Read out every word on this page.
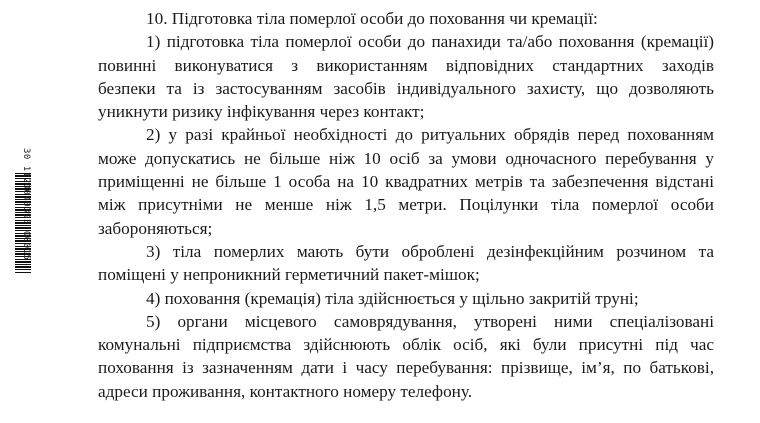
30 1120040393 00015
10. Підготовка тіла померлої особи до поховання чи кремації:
1) підготовка тіла померлої особи до панахиди та/або поховання (кремації)
повинні виконуватися з використанням відповідних стандартних заходів
безпеки та із застосуванням засобів індивідуального захисту, що дозволяють
уникнути ризику інфікування через контакт;
2) у разі крайньої необхідності до ритуальних обрядів перед похованням
може допускатись не більше ніж 10 осіб за умови одночасного перебування у
приміщенні не більше 1 особа на 10 квадратних метрів та забезпечення відстані
між присутніми не менше ніж 1,5 метри. Поцілунки тіла померлої особи
забороняються;
3) тіла померлих мають бути оброблені дезінфекційним розчином та
поміщені у непроникний герметичний пакет-мішок;
4) поховання (кремація) тіла здійснюється у щільно закритій труні;
5) органи місцевого самоврядування, утворені ними спеціалізовані
комунальні підприємства здійснюють облік осіб, які були присутні під час
поховання із зазначенням дати і часу перебування: прізвище, ім’я, по батькові,
адреси проживання, контактного номеру телефону.
